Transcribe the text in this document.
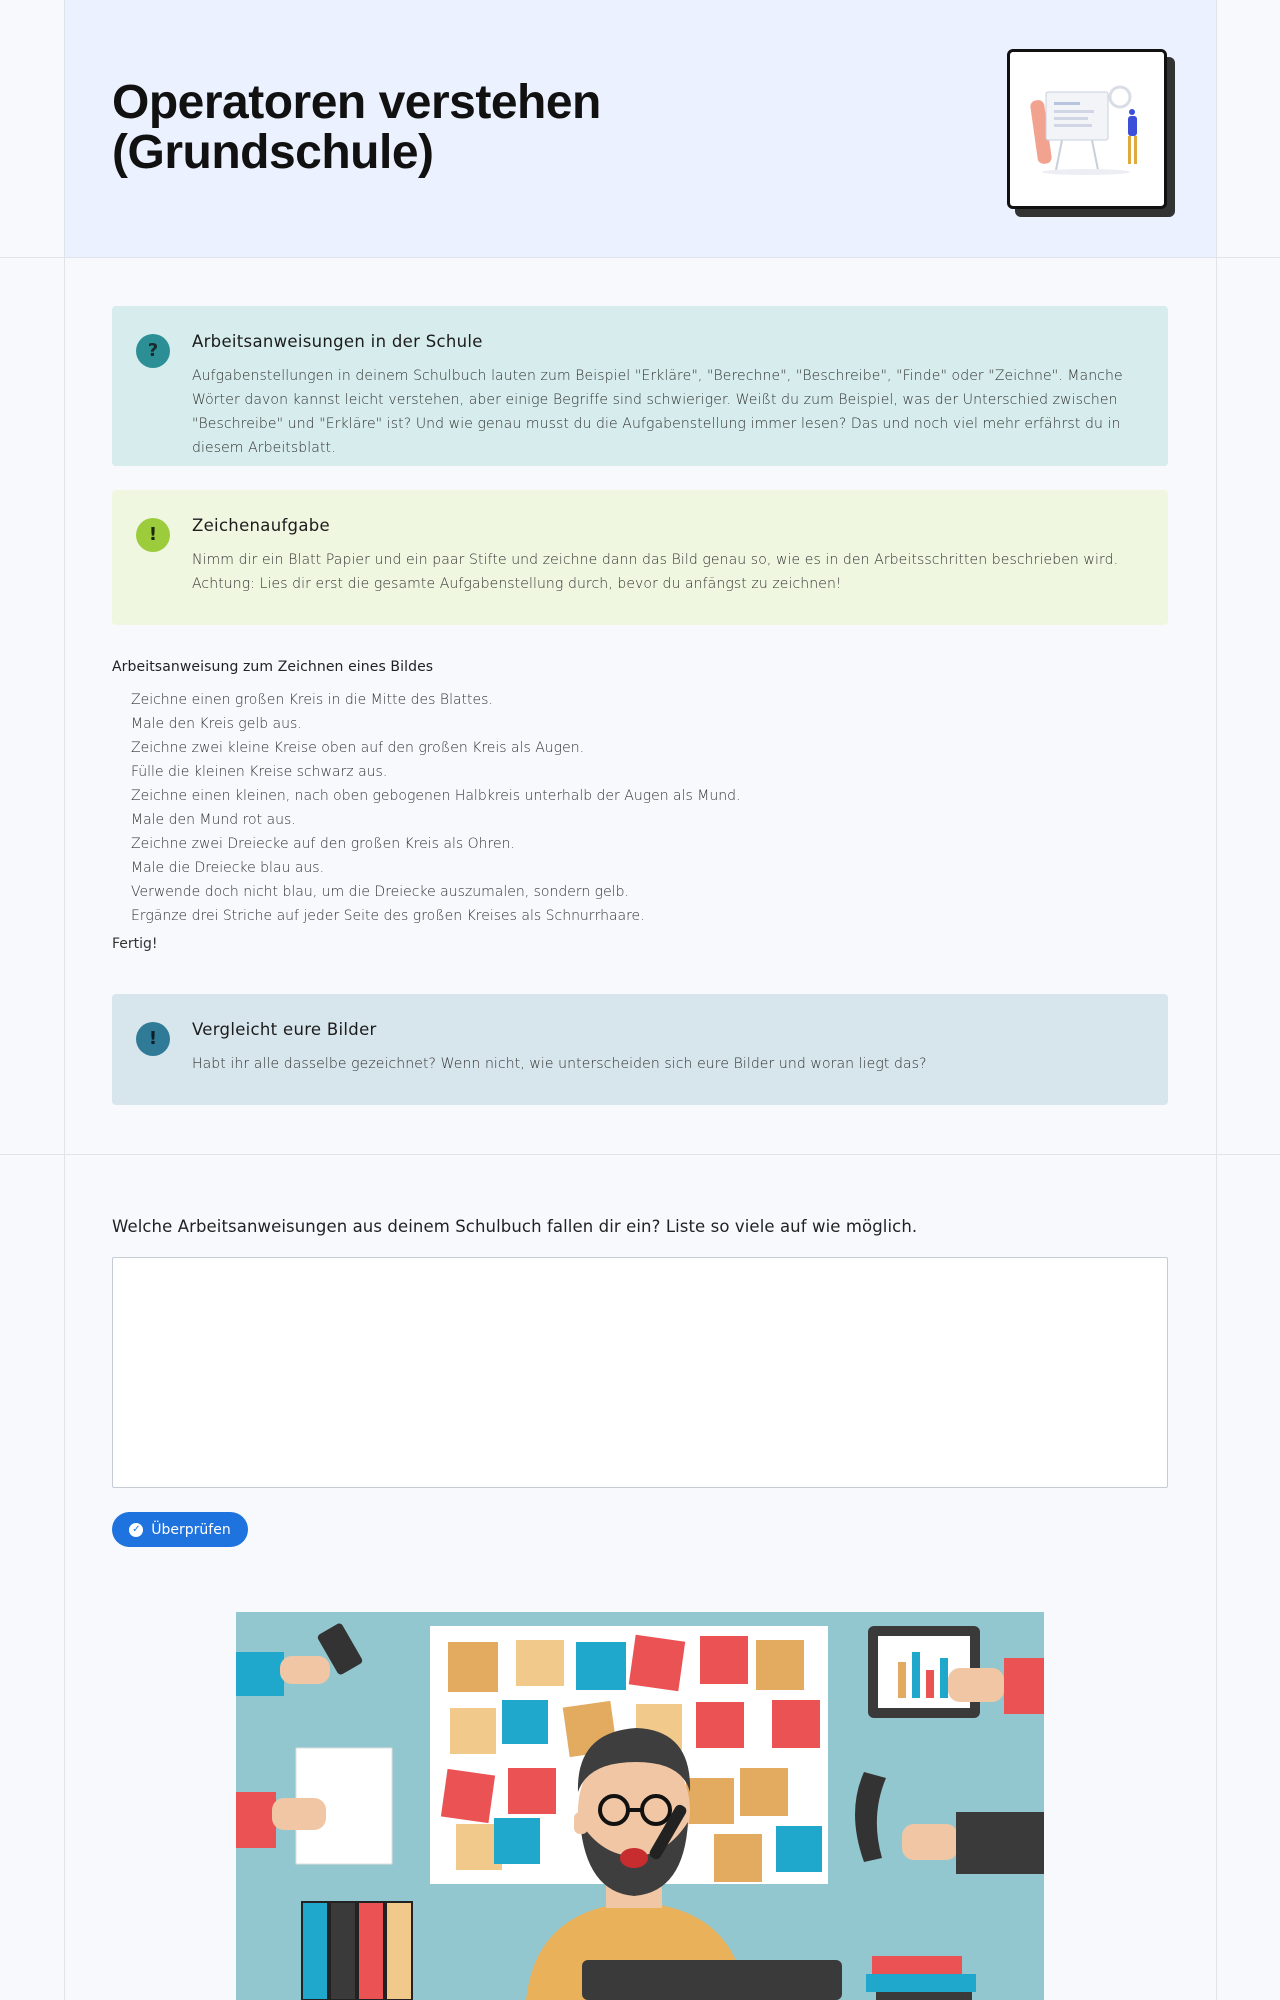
Operatoren verstehen
(Grundschule)
?	Arbeitsanweisungen in der Schule

Aufgabenstellungen in deinem Schulbuch lauten zum Beispiel "Erkläre", "Berechne", "Beschreibe", "Finde" oder "Zeichne". Manche Wörter davon kannst leicht verstehen, aber einige Begriffe sind schwieriger. Weißt du zum Beispiel, was der Unterschied zwischen "Beschreibe" und "Erkläre" ist? Und wie genau musst du die Aufgabenstellung immer lesen? Das und noch viel mehr erfährst du in diesem Arbeitsblatt.

!	Zeichenaufgabe

Nimm dir ein Blatt Papier und ein paar Stifte und zeichne dann das Bild genau so, wie es in den Arbeitsschritten beschrieben wird. Achtung: Lies dir erst die gesamte Aufgabenstellung durch, bevor du anfängst zu zeichnen!

Arbeitsanweisung zum Zeichnen eines Bildes
Zeichne einen großen Kreis in die Mitte des Blattes.
Male den Kreis gelb aus.
Zeichne zwei kleine Kreise oben auf den großen Kreis als Augen.
Fülle die kleinen Kreise schwarz aus.
Zeichne einen kleinen, nach oben gebogenen Halbkreis unterhalb der Augen als Mund.
Male den Mund rot aus.
Zeichne zwei Dreiecke auf den großen Kreis als Ohren.
Male die Dreiecke blau aus.
Verwende doch nicht blau, um die Dreiecke auszumalen, sondern gelb.
Ergänze drei Striche auf jeder Seite des großen Kreises als Schnurrhaare.
Fertig!
!	Vergleicht eure Bilder

Habt ihr alle dasselbe gezeichnet? Wenn nicht, wie unterscheiden sich eure Bilder und woran liegt das?

Welche Arbeitsanweisungen aus deinem Schulbuch fallen dir ein? Liste so viele auf wie möglich.
✓ Überprüfen
